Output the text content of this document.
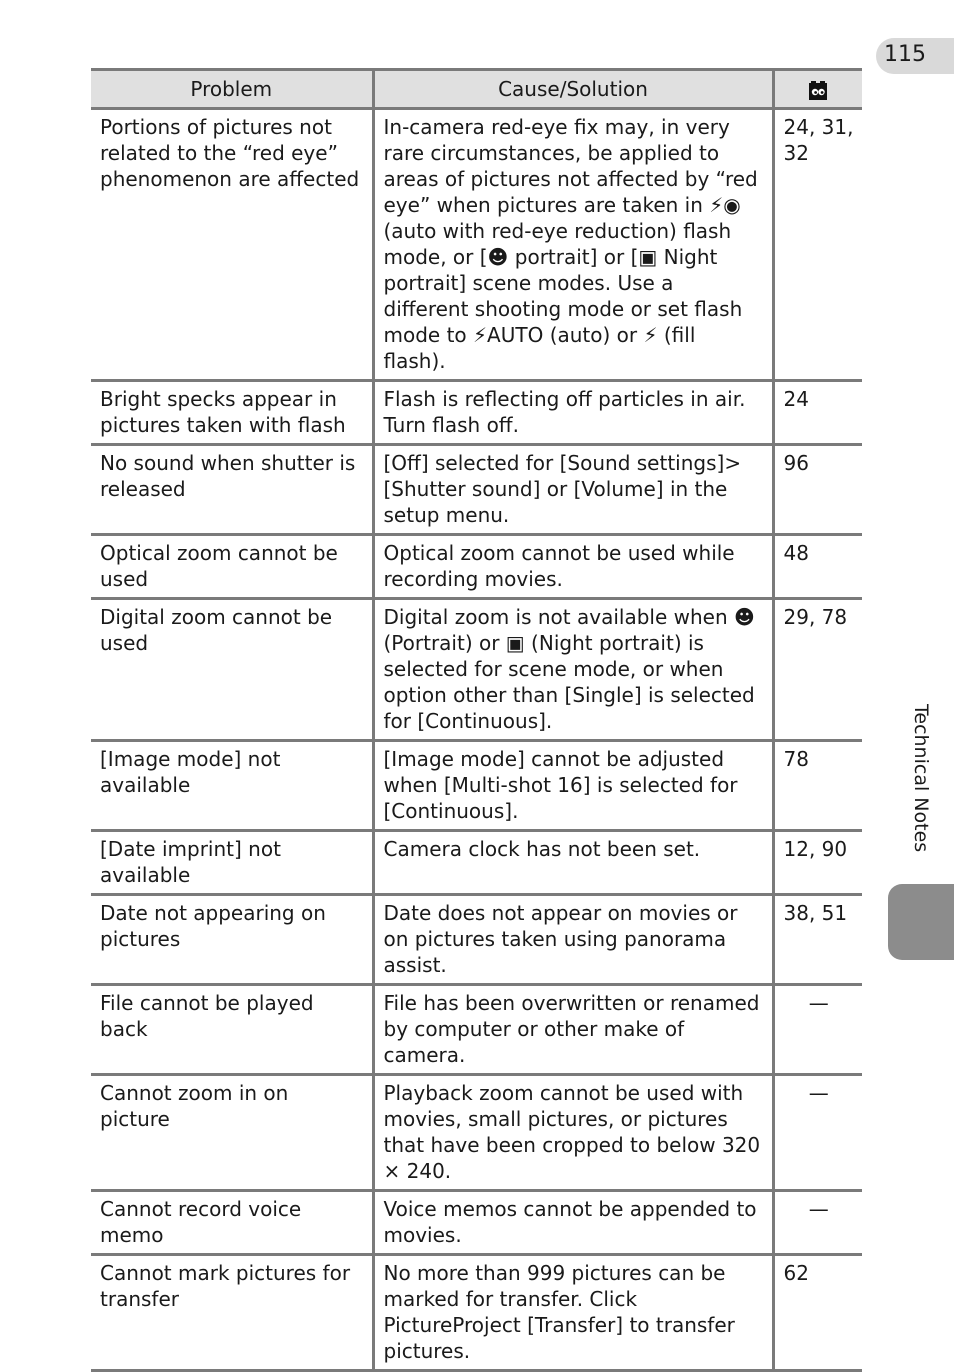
115
Technical Notes
Problem	Cause/Solution	
Portions of pictures not related to the “red eye” phenomenon are affected	In-camera red-eye fix may, in very rare circumstances, be applied to areas of pictures not affected by “red eye” when pictures are taken in ⚡◉ (auto with red-eye reduction) flash mode, or [☻ portrait] or [▣ Night portrait] scene modes. Use a different shooting mode or set flash mode to ⚡AUTO (auto) or ⚡ (fill flash).	24, 31, 32
Bright specks appear in pictures taken with flash	Flash is reflecting off particles in air. Turn flash off.	24
No sound when shutter is released	[Off] selected for [Sound settings]>[Shutter sound] or [Volume] in the setup menu.	96
Optical zoom cannot be used	Optical zoom cannot be used while recording movies.	48
Digital zoom cannot be used	Digital zoom is not available when ☻ (Portrait) or ▣ (Night portrait) is selected for scene mode, or when option other than [Single] is selected for [Continuous].	29, 78
[Image mode] not available	[Image mode] cannot be adjusted when [Multi-shot 16] is selected for [Continuous].	78
[Date imprint] not available	Camera clock has not been set.	12, 90
Date not appearing on pictures	Date does not appear on movies or on pictures taken using panorama assist.	38, 51
File cannot be played back	File has been overwritten or renamed by computer or other make of camera.	—
Cannot zoom in on picture	Playback zoom cannot be used with movies, small pictures, or pictures that have been cropped to below 320 × 240.	—
Cannot record voice memo	Voice memos cannot be appended to movies.	—
Cannot mark pictures for transfer	No more than 999 pictures can be marked for transfer. Click PictureProject [Transfer] to transfer pictures.	62
